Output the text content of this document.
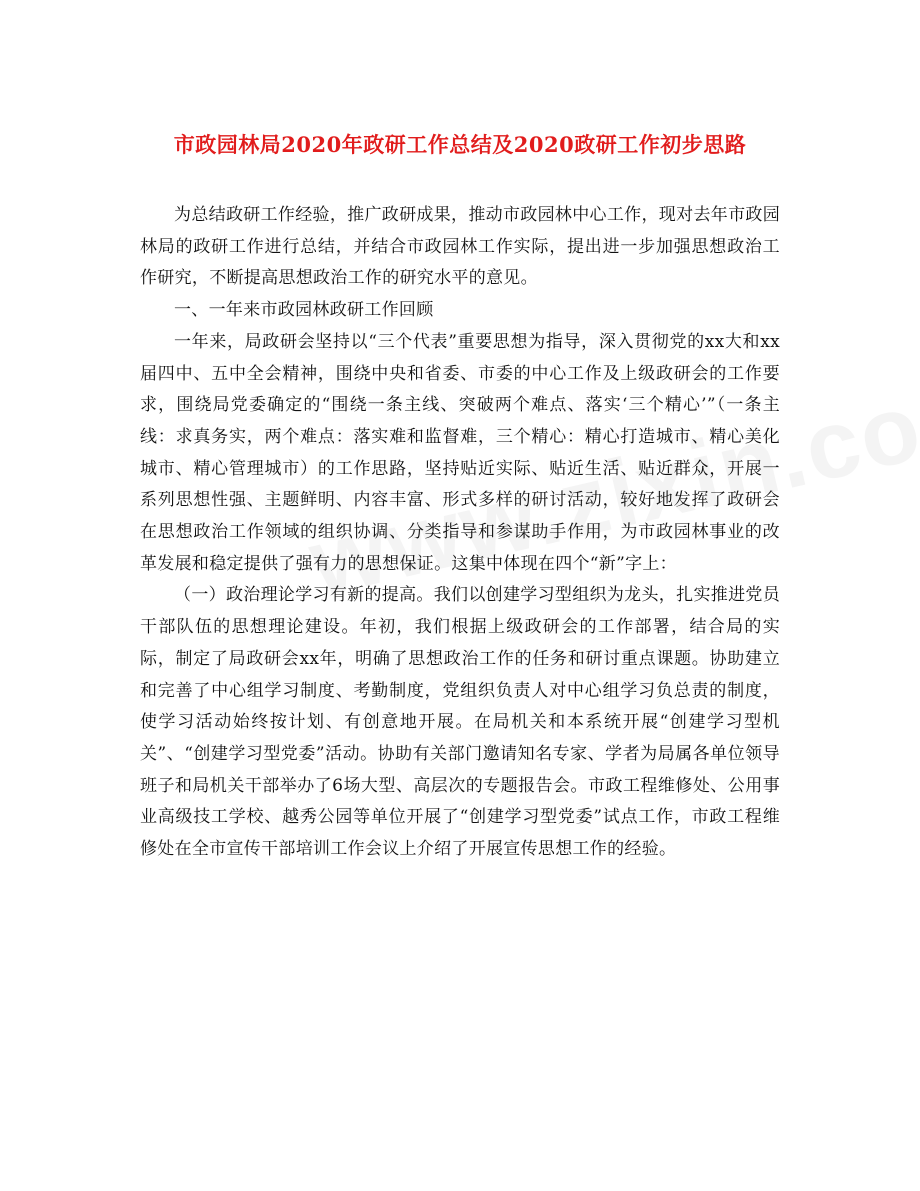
市政园林局2020年政研工作总结及2020政研工作初步思路

为总结政研工作经验，推广政研成果，推动市政园林中心工作，现对去年市政园林局的政研工作进行总结，并结合市政园林工作实际，提出进一步加强思想政治工作研究，不断提高思想政治工作的研究水平的意见。

一、一年来市政园林政研工作回顾

一年来，局政研会坚持以“三个代表”重要思想为指导，深入贯彻党的xx大和xx届四中、五中全会精神，围绕中央和省委、市委的中心工作及上级政研会的工作要求，围绕局党委确定的“围绕一条主线、突破两个难点、落实‘三个精心’”（一条主线：求真务实，两个难点：落实难和监督难，三个精心：精心打造城市、精心美化城市、精心管理城市）的工作思路，坚持贴近实际、贴近生活、贴近群众，开展一系列思想性强、主题鲜明、内容丰富、形式多样的研讨活动，较好地发挥了政研会在思想政治工作领域的组织协调、分类指导和参谋助手作用，为市政园林事业的改革发展和稳定提供了强有力的思想保证。这集中体现在四个“新”字上：

（一）政治理论学习有新的提高。我们以创建学习型组织为龙头，扎实推进党员干部队伍的思想理论建设。年初，我们根据上级政研会的工作部署，结合局的实际，制定了局政研会xx年，明确了思想政治工作的任务和研讨重点课题。协助建立和完善了中心组学习制度、考勤制度，党组织负责人对中心组学习负总责的制度，使学习活动始终按计划、有创意地开展。在局机关和本系统开展“创建学习型机关”、“创建学习型党委”活动。协助有关部门邀请知名专家、学者为局属各单位领导班子和局机关干部举办了6场大型、高层次的专题报告会。市政工程维修处、公用事业高级技工学校、越秀公园等单位开展了“创建学习型党委”试点工作，市政工程维修处在全市宣传干部培训工作会议上介绍了开展宣传思想工作的经验。
